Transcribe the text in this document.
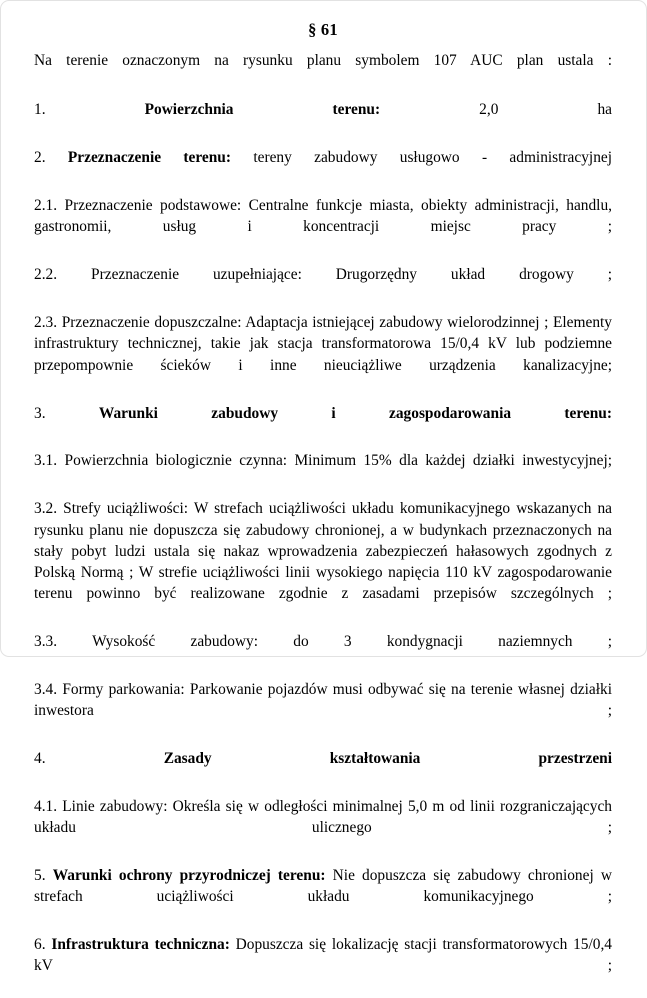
§ 61

Na terenie oznaczonym na rysunku planu symbolem 107 AUC plan ustala :

1.	Powierzchnia terenu:	2,0 ha

2. Przeznaczenie terenu: tereny zabudowy usługowo - administracyjnej

2.1. Przeznaczenie podstawowe: Centralne funkcje miasta, obiekty administracji, handlu, gastronomii, usług i koncentracji miejsc pracy ;

2.2. Przeznaczenie uzupełniające: Drugorzędny układ drogowy ;

2.3. Przeznaczenie dopuszczalne: Adaptacja istniejącej zabudowy wielorodzinnej ; Elementy infrastruktury technicznej, takie jak stacja transformatorowa 15/0,4 kV lub podziemne przepompownie ścieków i inne nieuciążliwe urządzenia kanalizacyjne;

3.	Warunki zabudowy i zagospodarowania terenu:

3.1. Powierzchnia biologicznie czynna: Minimum 15% dla każdej działki inwestycyjnej;

3.2. Strefy uciążliwości: W strefach uciążliwości układu komunikacyjnego wskazanych na rysunku planu nie dopuszcza się zabudowy chronionej, a w budynkach przeznaczonych na stały pobyt ludzi ustala się nakaz wprowadzenia zabezpieczeń hałasowych zgodnych z Polską Normą ; W strefie uciążliwości linii wysokiego napięcia 110 kV zagospodarowanie terenu powinno być realizowane zgodnie z zasadami przepisów szczególnych ;

3.3. Wysokość zabudowy: do 3 kondygnacji naziemnych ;

3.4. Formy parkowania: Parkowanie pojazdów musi odbywać się na terenie własnej działki inwestora ;

4.	Zasady kształtowania przestrzeni

4.1. Linie zabudowy: Określa się w odległości minimalnej 5,0 m od linii rozgraniczających układu ulicznego ;

5. Warunki ochrony przyrodniczej terenu: Nie dopuszcza się zabudowy chronionej w strefach uciążliwości układu komunikacyjnego ;

6. Infrastruktura techniczna: Dopuszcza się lokalizację stacji transformatorowych 15/0,4 kV ;
